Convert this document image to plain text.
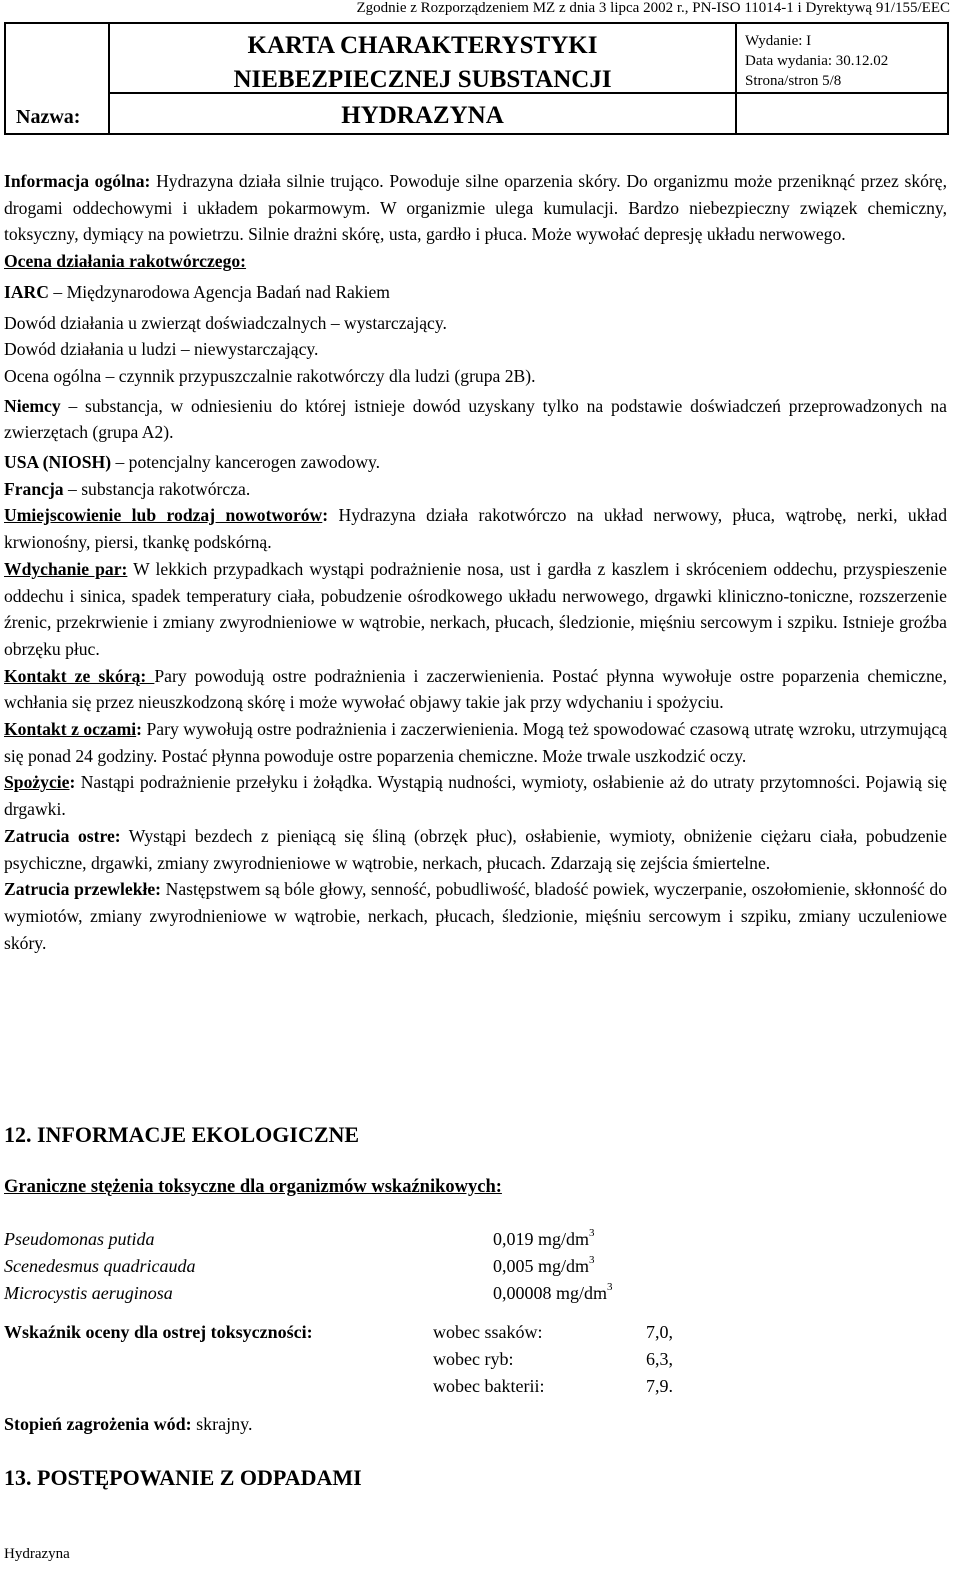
Zgodnie z Rozporządzeniem MZ z dnia 3 lipca 2002 r., PN-ISO 11014-1 i Dyrektywą 91/155/EEC
Nazwa:
KARTA CHARAKTERYSTYKI
NIEBEZPIECZNEJ SUBSTANCJI
HYDRAZYNA
Wydanie: I
Data wydania: 30.12.02
Strona/stron 5/8

Informacja ogólna: Hydrazyna działa silnie trująco. Powoduje silne oparzenia skóry. Do organizmu może przeniknąć przez skórę, drogami oddechowymi i układem pokarmowym. W organizmie ulega kumulacji. Bardzo niebezpieczny związek chemiczny, toksyczny, dymiący na powietrzu. Silnie drażni skórę, usta, gardło i płuca. Może wywołać depresję układu nerwowego.

Ocena działania rakotwórczego:

IARC – Międzynarodowa Agencja Badań nad Rakiem

Dowód działania u zwierząt doświadczalnych – wystarczający.

Dowód działania u ludzi – niewystarczający.

Ocena ogólna – czynnik przypuszczalnie rakotwórczy dla ludzi (grupa 2B).

Niemcy – substancja, w odniesieniu do której istnieje dowód uzyskany tylko na podstawie doświadczeń przeprowadzonych na zwierzętach (grupa A2).

USA (NIOSH) – potencjalny kancerogen zawodowy.

Francja – substancja rakotwórcza.

Umiejscowienie lub rodzaj nowotworów: Hydrazyna działa rakotwórczo na układ nerwowy, płuca, wątrobę, nerki, układ krwionośny, piersi, tkankę podskórną.

Wdychanie par: W lekkich przypadkach wystąpi podrażnienie nosa, ust i gardła z kaszlem i skróceniem oddechu, przyspieszenie oddechu i sinica, spadek temperatury ciała, pobudzenie ośrodkowego układu nerwowego, drgawki kliniczno-toniczne, rozszerzenie źrenic, przekrwienie i zmiany zwyrodnieniowe w wątrobie, nerkach, płucach, śledzionie, mięśniu sercowym i szpiku. Istnieje groźba obrzęku płuc.

Kontakt ze skórą: Pary powodują ostre podrażnienia i zaczerwienienia. Postać płynna wywołuje ostre poparzenia chemiczne, wchłania się przez nieuszkodzoną skórę i może wywołać objawy takie jak przy wdychaniu i spożyciu.

Kontakt z oczami: Pary wywołują ostre podrażnienia i zaczerwienienia. Mogą też spowodować czasową utratę wzroku, utrzymującą się ponad 24 godziny. Postać płynna powoduje ostre poparzenia chemiczne. Może trwale uszkodzić oczy.

Spożycie: Nastąpi podrażnienie przełyku i żołądka. Wystąpią nudności, wymioty, osłabienie aż do utraty przytomności. Pojawią się drgawki.

Zatrucia ostre: Wystąpi bezdech z pieniącą się śliną (obrzęk płuc), osłabienie, wymioty, obniżenie ciężaru ciała, pobudzenie psychiczne, drgawki, zmiany zwyrodnieniowe w wątrobie, nerkach, płucach. Zdarzają się zejścia śmiertelne.

Zatrucia przewlekłe: Następstwem są bóle głowy, senność, pobudliwość, bladość powiek, wyczerpanie, oszołomienie, skłonność do wymiotów, zmiany zwyrodnieniowe w wątrobie, nerkach, płucach, śledzionie, mięśniu sercowym i szpiku, zmiany uczuleniowe skóry.

12. INFORMACJE EKOLOGICZNE
Graniczne stężenia toksyczne dla organizmów wskaźnikowych:
Pseudomonas putida	0,019 $mg/dm^3$
Scenedesmus quadricauda	0,005 $mg/dm^3$
Microcystis aeruginosa	0,00008 $mg/dm^3$
Wskaźnik oceny dla ostrej toksyczności:	wobec ssaków:	7,0,
wobec ryb:	6,3,
wobec bakterii:	7,9.
Stopień zagrożenia wód: skrajny.
13. POSTĘPOWANIE Z ODPADAMI
Hydrazyna
